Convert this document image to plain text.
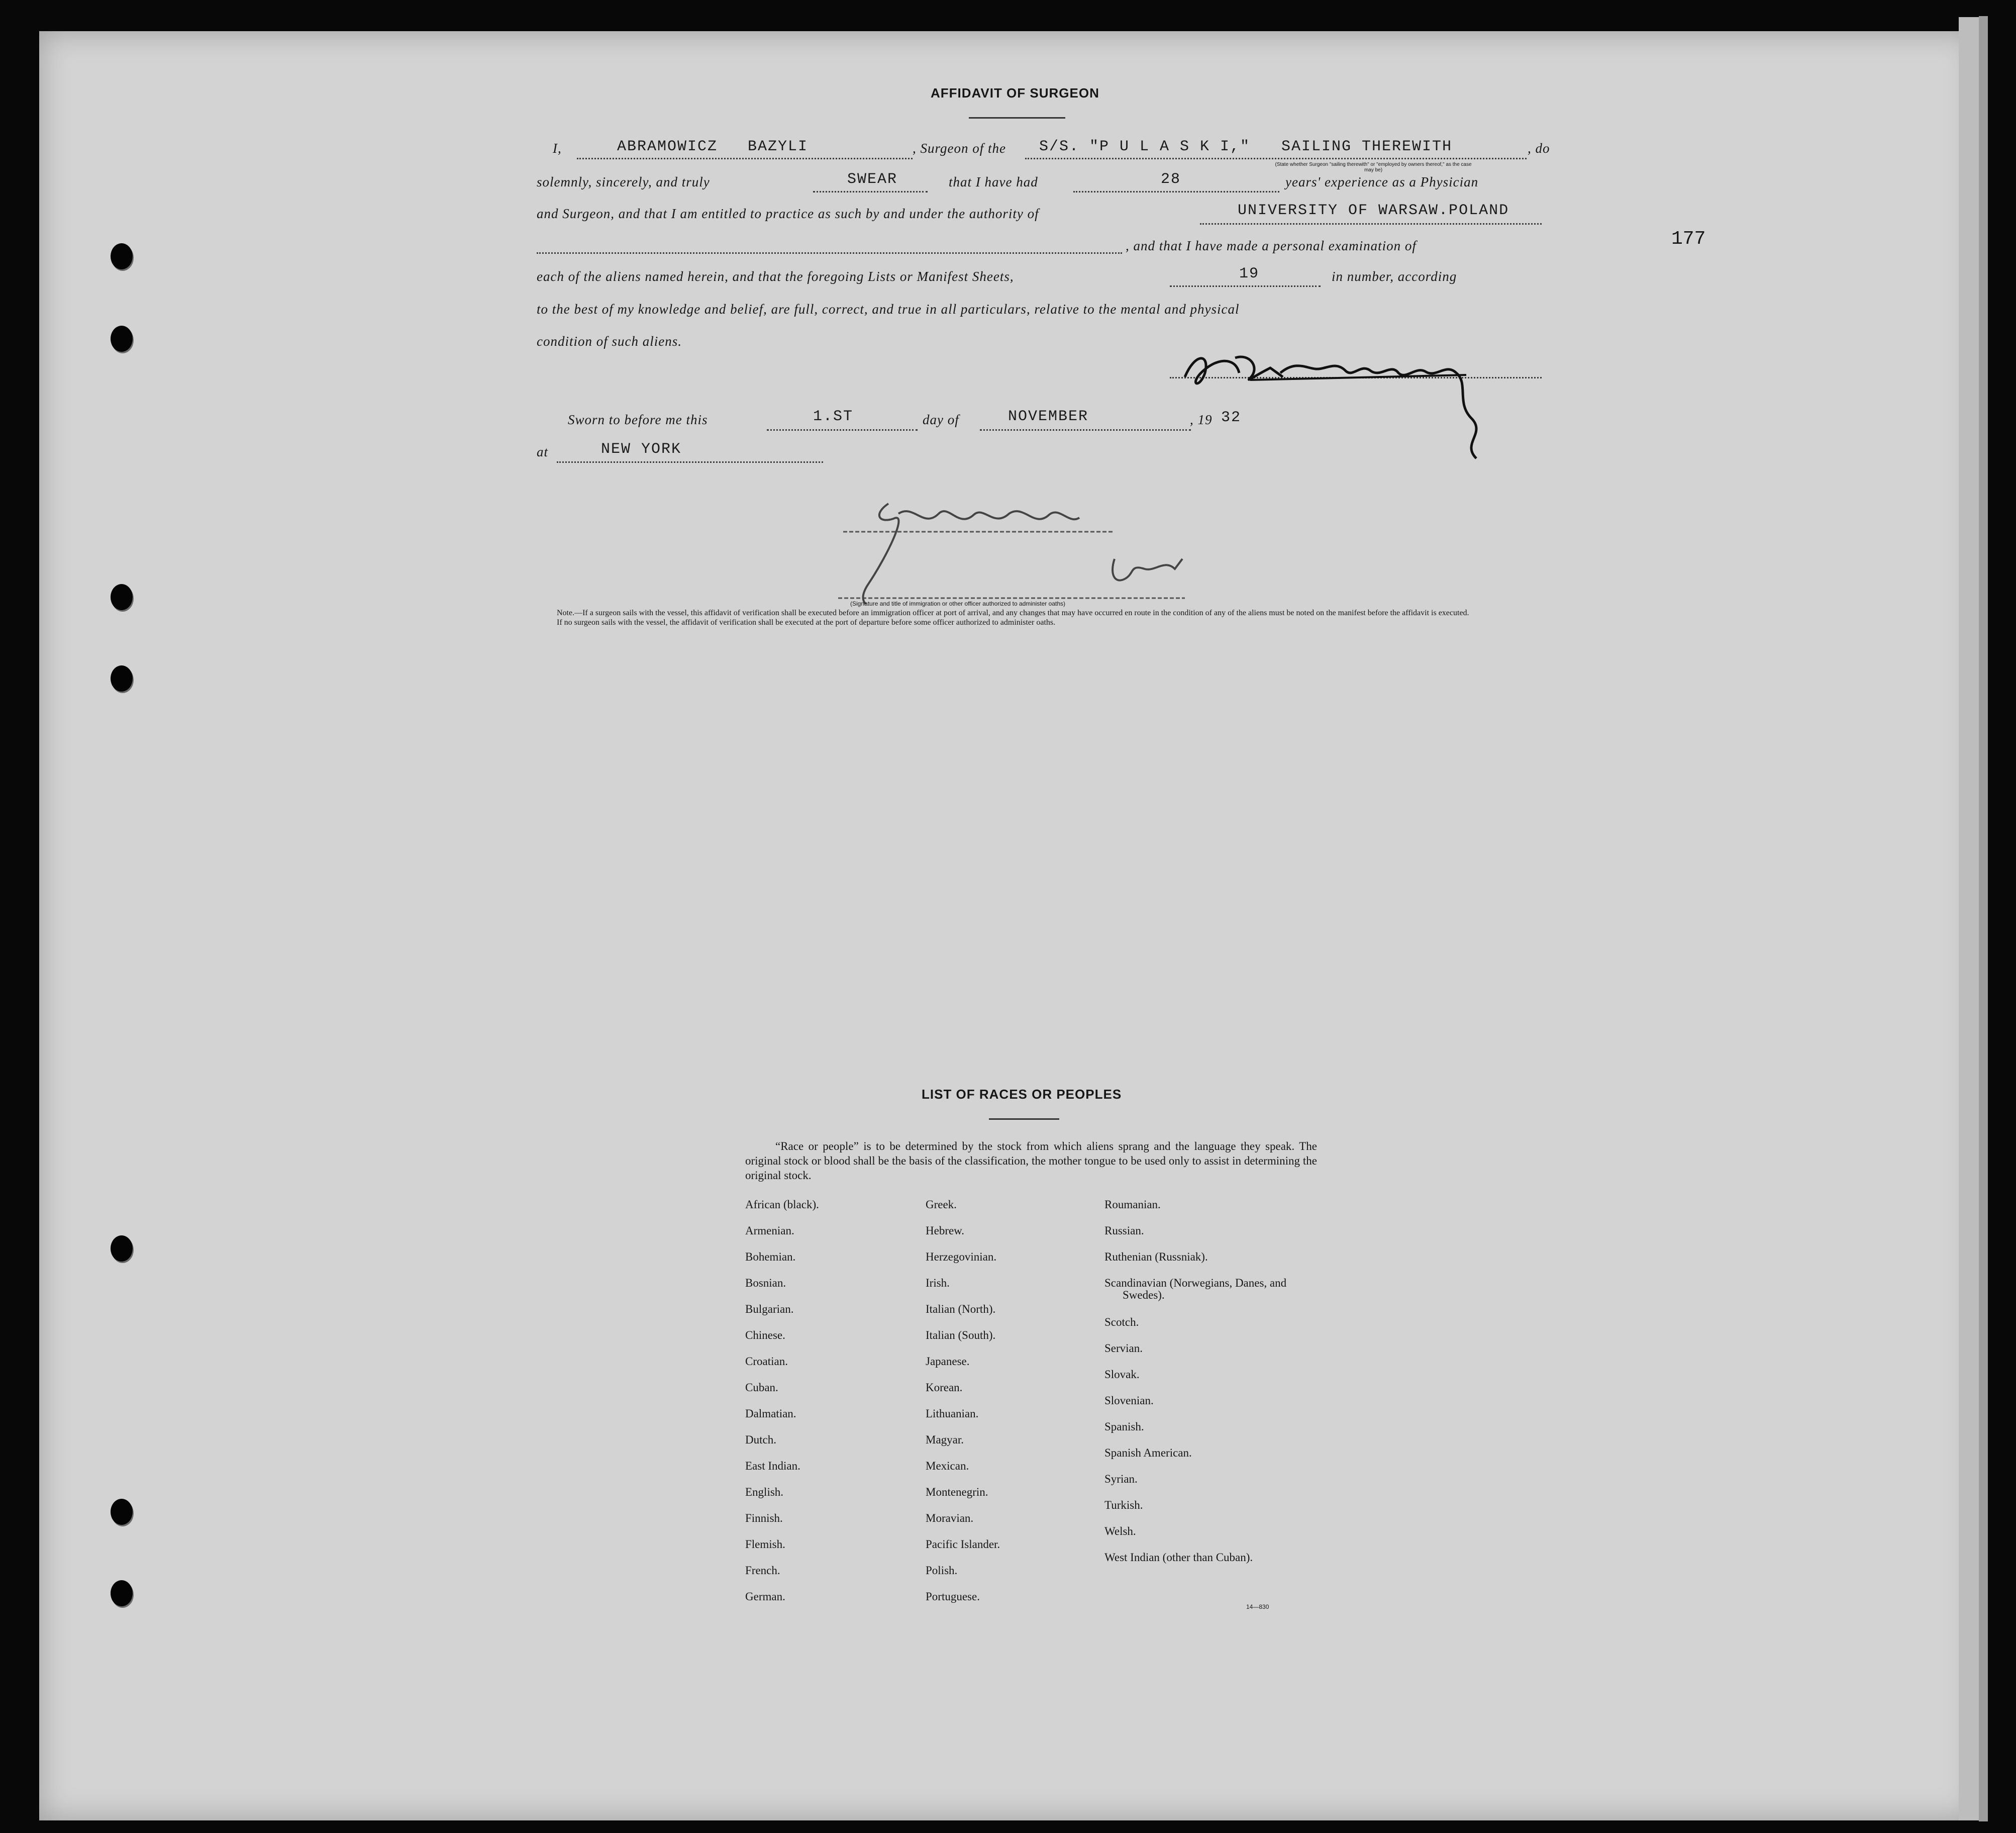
AFFIDAVIT OF SURGEON
I,	ABRAMOWICZ   BAZYLI	, Surgeon of the S/S. "P U L A S K I," SAILING THEREWITH	, do
(State whether Surgeon "sailing therewith" or "employed by owners thereof," as the case may be)
solemnly, sincerely, and truly	SWEAR	that I have had	28	years' experience as a Physician
and Surgeon, and that I am entitled to practice as such by and under the authority of	UNIVERSITY OF WARSAW.POLAND
, and that I have made a personal examination of
each of the aliens named herein, and that the foregoing Lists or Manifest Sheets,	19	in number, according
to the best of my knowledge and belief, are full, correct, and true in all particulars, relative to the mental and physical
condition of such aliens.
Sworn to before me this	1.ST	day of	NOVEMBER	, 19 32
at	NEW YORK
(Signature and title of immigration or other officer authorized to administer oaths)
Note.—If a surgeon sails with the vessel, this affidavit of verification shall be executed before an immigration officer at port of arrival, and any changes that may have occurred en route in the condition of any of the aliens must be noted on the manifest before the affidavit is executed.
If no surgeon sails with the vessel, the affidavit of verification shall be executed at the port of departure before some officer authorized to administer oaths.
177
LIST OF RACES OR PEOPLES
“Race or people” is to be determined by the stock from which aliens sprang and the language they speak. The original stock or blood shall be the basis of the classification, the mother tongue to be used only to assist in determining the original stock.
African (black).
Armenian.
Bohemian.
Bosnian.
Bulgarian.
Chinese.
Croatian.
Cuban.
Dalmatian.
Dutch.
East Indian.
English.
Finnish.
Flemish.
French.
German.
Greek.
Hebrew.
Herzegovinian.
Irish.
Italian (North).
Italian (South).
Japanese.
Korean.
Lithuanian.
Magyar.
Mexican.
Montenegrin.
Moravian.
Pacific Islander.
Polish.
Portuguese.
Roumanian.
Russian.
Ruthenian (Russniak).
Scandinavian (Norwegians, Danes, and Swedes).
Scotch.
Servian.
Slovak.
Slovenian.
Spanish.
Spanish American.
Syrian.
Turkish.
Welsh.
West Indian (other than Cuban).
14—830
